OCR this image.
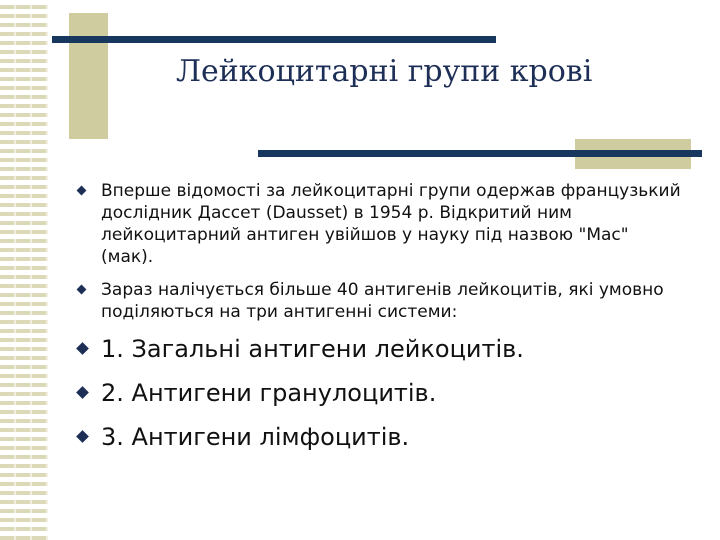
Лейкоцитарні групи крові
Вперше відомості за лейкоцитарні групи одержав французький дослідник Дассет (Dausset) в 1954 р. Відкритий ним лейкоцитарний антиген увійшов у науку під назвою "Mac" (мак).
Зараз налічується більше 40 антигенів лейкоцитів, які умовно поділяються на три антигенні системи:
1. Загальні антигени лейкоцитів.
2. Антигени гранулоцитів.
3. Антигени лімфоцитів.
